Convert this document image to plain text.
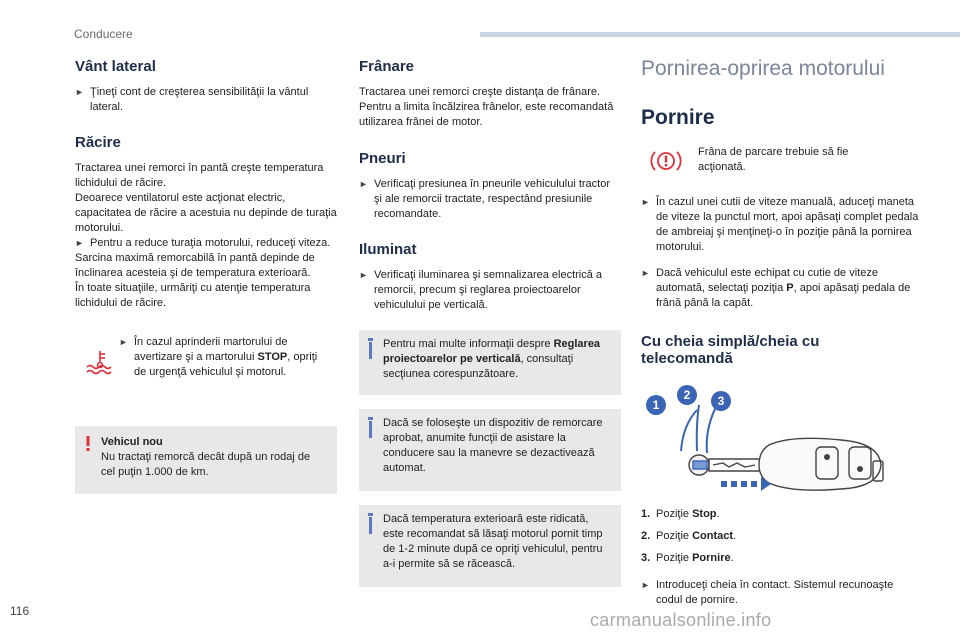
Conducere
Vânt lateral
► Ţineţi cont de creşterea sensibilităţii la vântul lateral.
Răcire

Tractarea unei remorci în pantă creşte temperatura lichidului de răcire.

Deoarece ventilatorul este acţionat electric, capacitatea de răcire a acestuia nu depinde de turaţia motorului.

► Pentru a reduce turaţia motorului, reduceţi viteza.

Sarcina maximă remorcabilă în pantă depinde de înclinarea acesteia şi de temperatura exterioară.

În toate situaţiile, urmăriţi cu atenţie temperatura lichidului de răcire.

► În cazul aprinderii martorului de avertizare şi a martorului STOP, opriţi de urgenţă vehiculul şi motorul.
Vehicul nou
Nu tractaţi remorcă decât după un rodaj de cel puţin 1.000 de km.
Frânare

Tractarea unei remorci creşte distanţa de frânare.

Pentru a limita încălzirea frânelor, este recomandată utilizarea frânei de motor.

Pneuri
► Verificaţi presiunea în pneurile vehiculului tractor şi ale remorcii tractate, respectând presiunile recomandate.
Iluminat
► Verificaţi iluminarea şi semnalizarea electrică a remorcii, precum şi reglarea proiectoarelor vehiculului pe verticală.
Pentru mai multe informaţii despre Reglarea proiectoarelor pe verticală, consultaţi secţiunea corespunzătoare.
Dacă se foloseşte un dispozitiv de remorcare aprobat, anumite funcţii de asistare la conducere sau la manevre se dezactivează automat.
Dacă temperatura exterioară este ridicată, este recomandat să lăsaţi motorul pornit timp de 1-2 minute după ce opriţi vehiculul, pentru a-i permite să se răcească.
Pornirea-oprirea motorului
Pornire

Frâna de parcare trebuie să fie acţionată.

► În cazul unei cutii de viteze manuală, aduceţi maneta de viteze la punctul mort, apoi apăsaţi complet pedala de ambreiaj şi menţineţi-o în poziţie până la pornirea motorului.
► Dacă vehiculul este echipat cu cutie de viteze automată, selectaţi poziţia P, apoi apăsaţi pedala de frână până la capăt.
Cu cheia simplă/cheia cu telecomandă
1
2 3
1. Poziţie Stop.
2. Poziţie Contact.
3. Poziţie Pornire.
► Introduceţi cheia în contact. Sistemul recunoaşte codul de pornire.
116	carmanualsonline.info
